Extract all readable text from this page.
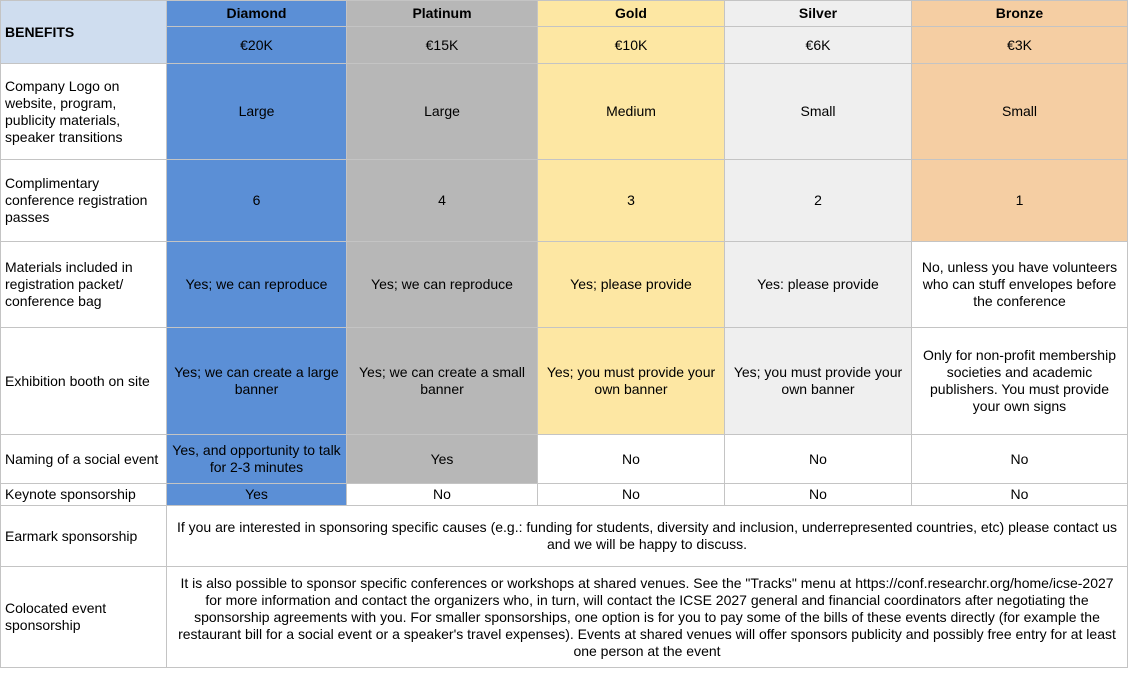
BENEFITS	Diamond	Platinum	Gold	Silver	Bronze
	€20K	€15K	€10K	€6K	€3K
Company Logo on website, program, publicity materials, speaker transitions	Large	Large	Medium	Small	Small
Complimentary conference registration passes	6	4	3	2	1
Materials included in registration packet/ conference bag	Yes; we can reproduce	Yes; we can reproduce	Yes; please provide	Yes: please provide	No, unless you have volunteers who can stuff envelopes before the conference
Exhibition booth on site	Yes; we can create a large banner	Yes; we can create a small banner	Yes; you must provide your own banner	Yes; you must provide your own banner	Only for non-profit membership societies and academic publishers. You must provide your own signs
Naming of a social event	Yes, and opportunity to talk for 2-3 minutes	Yes	No	No	No
Keynote sponsorship	Yes	No	No	No	No
Earmark sponsorship	If you are interested in sponsoring specific causes (e.g.: funding for students, diversity and inclusion, underrepresented countries, etc) please contact us and we will be happy to discuss.				
Colocated event sponsorship	It is also possible to sponsor specific conferences or workshops at shared venues. See the "Tracks" menu at https://conf.researchr.org/home/icse-2027 for more information and contact the organizers who, in turn, will contact the ICSE 2027 general and financial coordinators after negotiating the sponsorship agreements with you. For smaller sponsorships, one option is for you to pay some of the bills of these events directly (for example the restaurant bill for a social event or a speaker's travel expenses). Events at shared venues will offer sponsors publicity and possibly free entry for at least one person at the event				
